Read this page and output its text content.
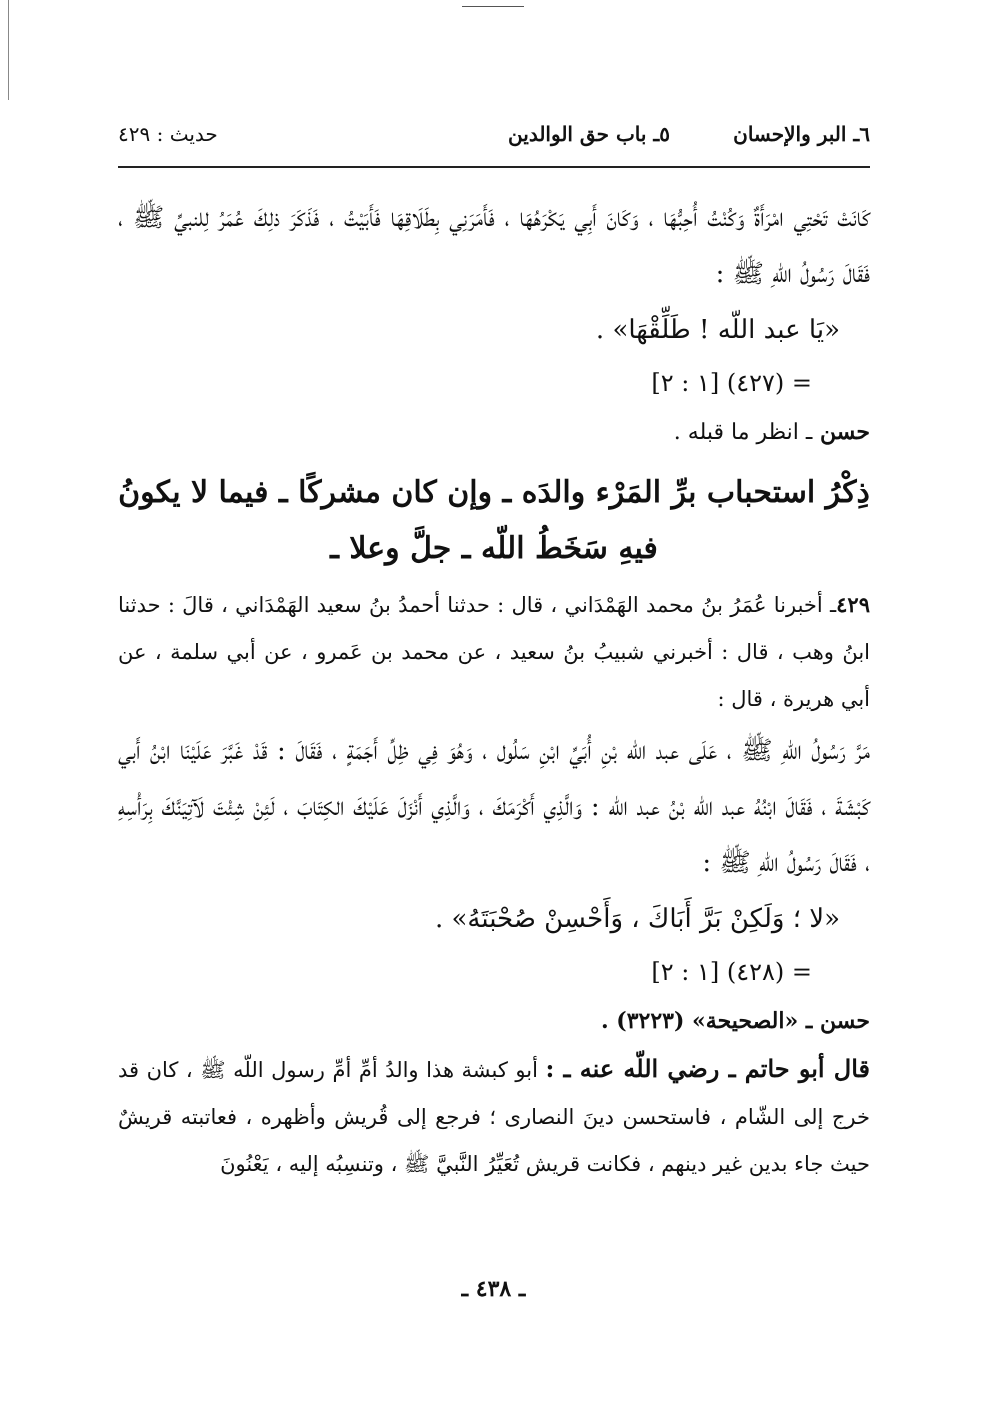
٦ـ البر والإحسان
٥ـ باب حق الوالدين
حديث : ٤٢٩

كَانَتْ تَحْتِي امْرَأَةٌ وَكُنْتُ أُحِبُّهَا ، وَكَانَ أَبِي يَكْرَهُهَا ، فَأَمَرَنِي بِطَلَاقِهَا فَأَبَيْتُ ، فَذَكَرَ ذلِكَ عُمَرُ لِلنبيِّ ﷺ ، فَقَالَ رَسُولُ اللّهِ ﷺ :

«يَا عبد اللّه ! طَلِّقْهَا» .

= (٤٢٧) [١ : ٢]

حسن ـ انظر ما قبله .

ذِكْرُ استحباب برِّ المَرْء والدَه ـ وإن كان مشركًا ـ فيما لا يكونُ
فيهِ سَخَطُ اللّه ـ جلَّ وعلا ـ

٤٢٩ـ أخبرنا عُمَرُ بنُ محمد الهَمْدَاني ، قال : حدثنا أحمدُ بنُ سعيد الهَمْدَاني ، قالَ : حدثنا ابنُ وهب ، قال : أخبرني شبيبُ بنُ سعيد ، عن محمد بن عَمرو ، عن أبي سلمة ، عن أبي هريرة ، قال :

مَرَّ رَسُولُ اللّهِ ﷺ ، عَلَى عبد اللّه بْنِ أُبَيِّ ابْنِ سَلُول ، وَهُوَ فِي ظِلِّ أَجَمَةٍ ، فَقَالَ : قَدْ غَبَّرَ عَلَيْنَا ابْنُ أَبي كَبْشَةَ ، فَقَالَ ابْنُهُ عبد اللّه بْنُ عبد اللّه : وَالَّذِي أَكْرَمَكَ ، وَالَّذِي أَنْزَلَ عَلَيْكَ الكِتَابَ ، لَئِنْ شِئْتَ لَآتِيَنَّكَ بِرَأْسِهِ ، فَقَالَ رَسُولُ اللّهِ ﷺ :

«لا ؛ وَلَكِنْ بَرَّ أَبَاكَ ، وَأَحْسِنْ صُحْبَتَهُ» .

= (٤٢٨) [١ : ٢]

حسن ـ «الصحيحة» (٣٢٢٣) .

قال أبو حاتم ـ رضي اللّه عنه ـ : أبو كبشة هذا والدُ أمِّ أمِّ رسول اللّه ﷺ ، كان قد خرج إلى الشّام ، فاستحسن دينَ النصارى ؛ فرجع إلى قُريش وأظهره ، فعاتبته قريشٌ حيث جاء بدين غير دينهم ، فكانت قريش تُعَيِّرُ النَّبيَّ ﷺ ، وتنسِبُه إليه ، يَعْنُونَ

ـ ٤٣٨ ـ
